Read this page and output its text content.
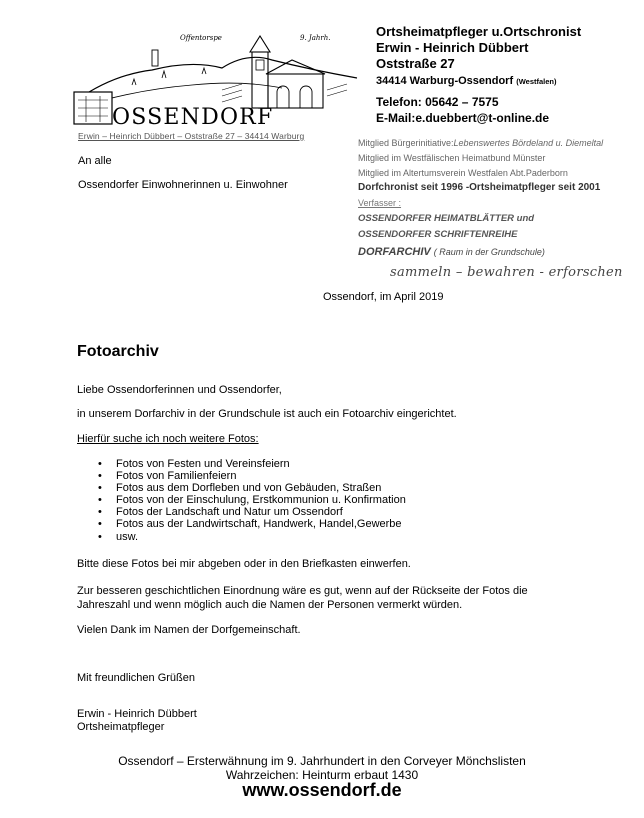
Offentorspe	9. Jahrh.
OSSENDORF
Ortsheimatpfleger u.Ortschronist
Erwin - Heinrich Dübbert
Oststraße 27
34414 Warburg-Ossendorf (Westfalen)
Telefon: 05642 – 7575
E-Mail:e.duebbert@t-online.de
Erwin – Heinrich Dübbert – Oststraße 27 – 34414 Warburg
An alle
Ossendorfer Einwohnerinnen u. Einwohner
Mitglied Bürgerinitiative:Lebenswertes Bördeland u. Diemeltal
Mitglied im Westfälischen Heimatbund Münster
Mitglied im Altertumsverein Westfalen Abt.Paderborn
Dorfchronist seit 1996 -Ortsheimatpfleger seit 2001
Verfasser :
OSSENDORFER HEIMATBLÄTTER und
OSSENDORFER SCHRIFTENREIHE
DORFARCHIV ( Raum in der Grundschule)
sammeln – bewahren - erforschen
Ossendorf, im April 2019
Fotoarchiv
Liebe Ossendorferinnen und Ossendorfer,
in unserem Dorfarchiv in der Grundschule ist auch ein Fotoarchiv eingerichtet.
Hierfür suche ich noch weitere Fotos:
• Fotos von Festen und Vereinsfeiern
• Fotos von Familienfeiern
• Fotos aus dem Dorfleben und von Gebäuden, Straßen
• Fotos von der Einschulung, Erstkommunion u. Konfirmation
• Fotos der Landschaft und Natur um Ossendorf
• Fotos aus der Landwirtschaft, Handwerk, Handel,Gewerbe
• usw.
Bitte diese Fotos bei mir abgeben oder in den Briefkasten einwerfen.
Zur besseren geschichtlichen Einordnung wäre es gut, wenn auf der Rückseite der Fotos die
Jahreszahl und wenn möglich auch die Namen der Personen vermerkt würden.
Vielen Dank im Namen der Dorfgemeinschaft.
Mit freundlichen Grüßen
Erwin - Heinrich Dübbert
Ortsheimatpfleger
Ossendorf – Ersterwähnung im 9. Jahrhundert in den Corveyer Mönchslisten
Wahrzeichen: Heinturm erbaut 1430
www.ossendorf.de
